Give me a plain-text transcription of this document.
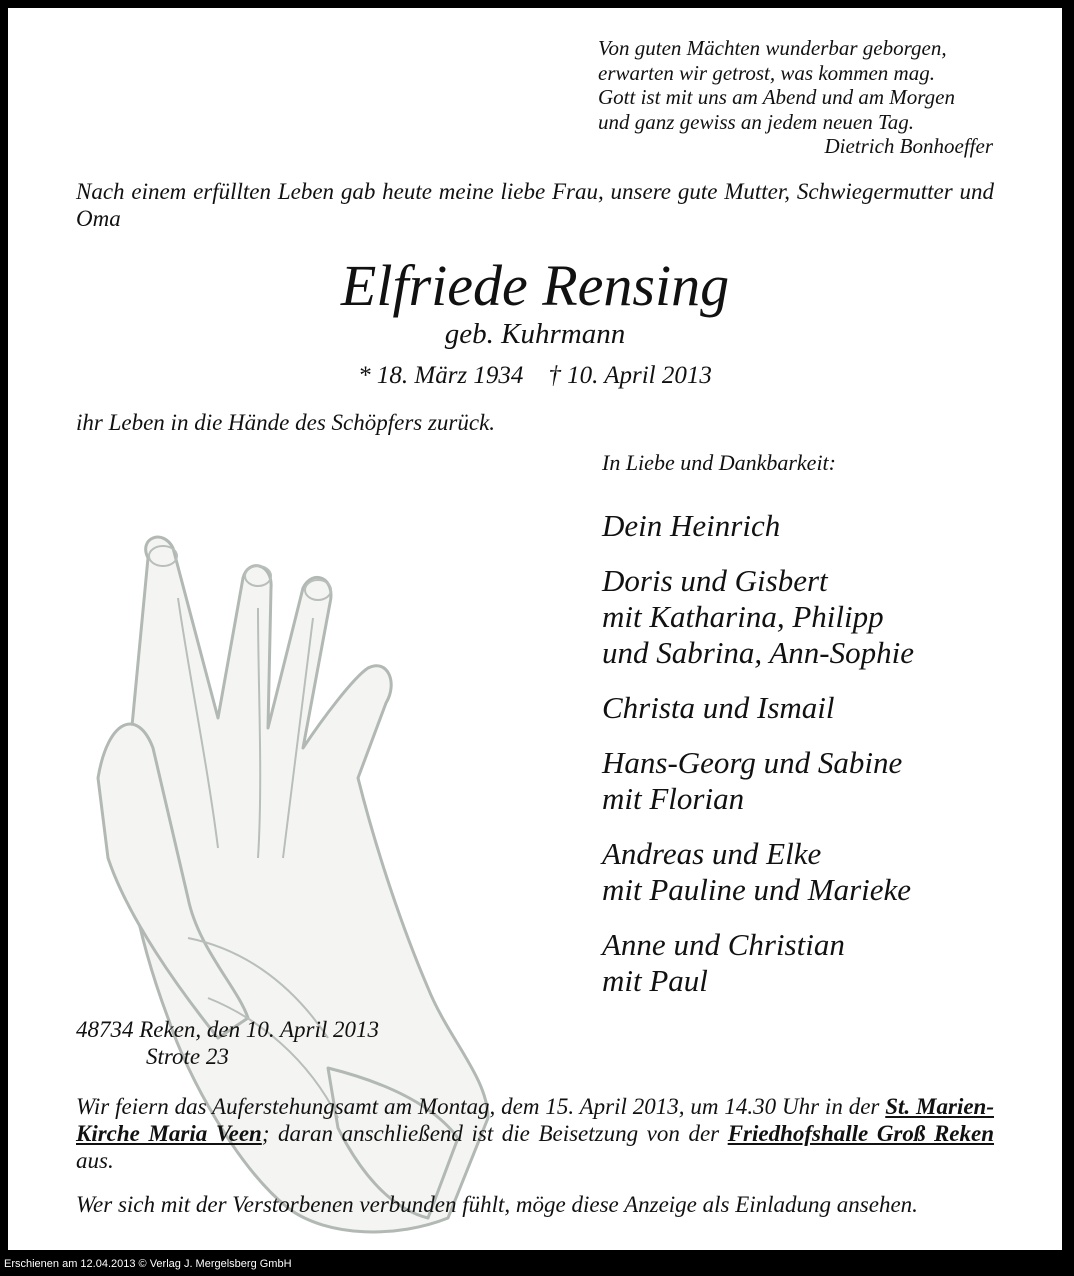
Von guten Mächten wunderbar geborgen,
erwarten wir getrost, was kommen mag.
Gott ist mit uns am Abend und am Morgen
und ganz gewiss an jedem neuen Tag.
Dietrich Bonhoeffer
Nach einem erfüllten Leben gab heute meine liebe Frau, unsere gute Mutter, Schwiegermutter und Oma
Elfriede Rensing
geb. Kuhrmann
* 18. März 1934    † 10. April 2013
ihr Leben in die Hände des Schöpfers zurück.
In Liebe und Dankbarkeit:
Dein Heinrich
Doris und Gisbert
mit Katharina, Philipp
und Sabrina, Ann-Sophie
Christa und Ismail
Hans-Georg und Sabine
mit Florian
Andreas und Elke
mit Pauline und Marieke
Anne und Christian
mit Paul
48734 Reken, den 10. April 2013
Strote 23
Wir feiern das Auferstehungsamt am Montag, dem 15. April 2013, um 14.30 Uhr in der St. Marien-Kirche Maria Veen; daran anschließend ist die Beisetzung von der Friedhofshalle Groß Reken aus.
Wer sich mit der Verstorbenen verbunden fühlt, möge diese Anzeige als Einladung ansehen.
Erschienen am 12.04.2013 © Verlag J. Mergelsberg GmbH
